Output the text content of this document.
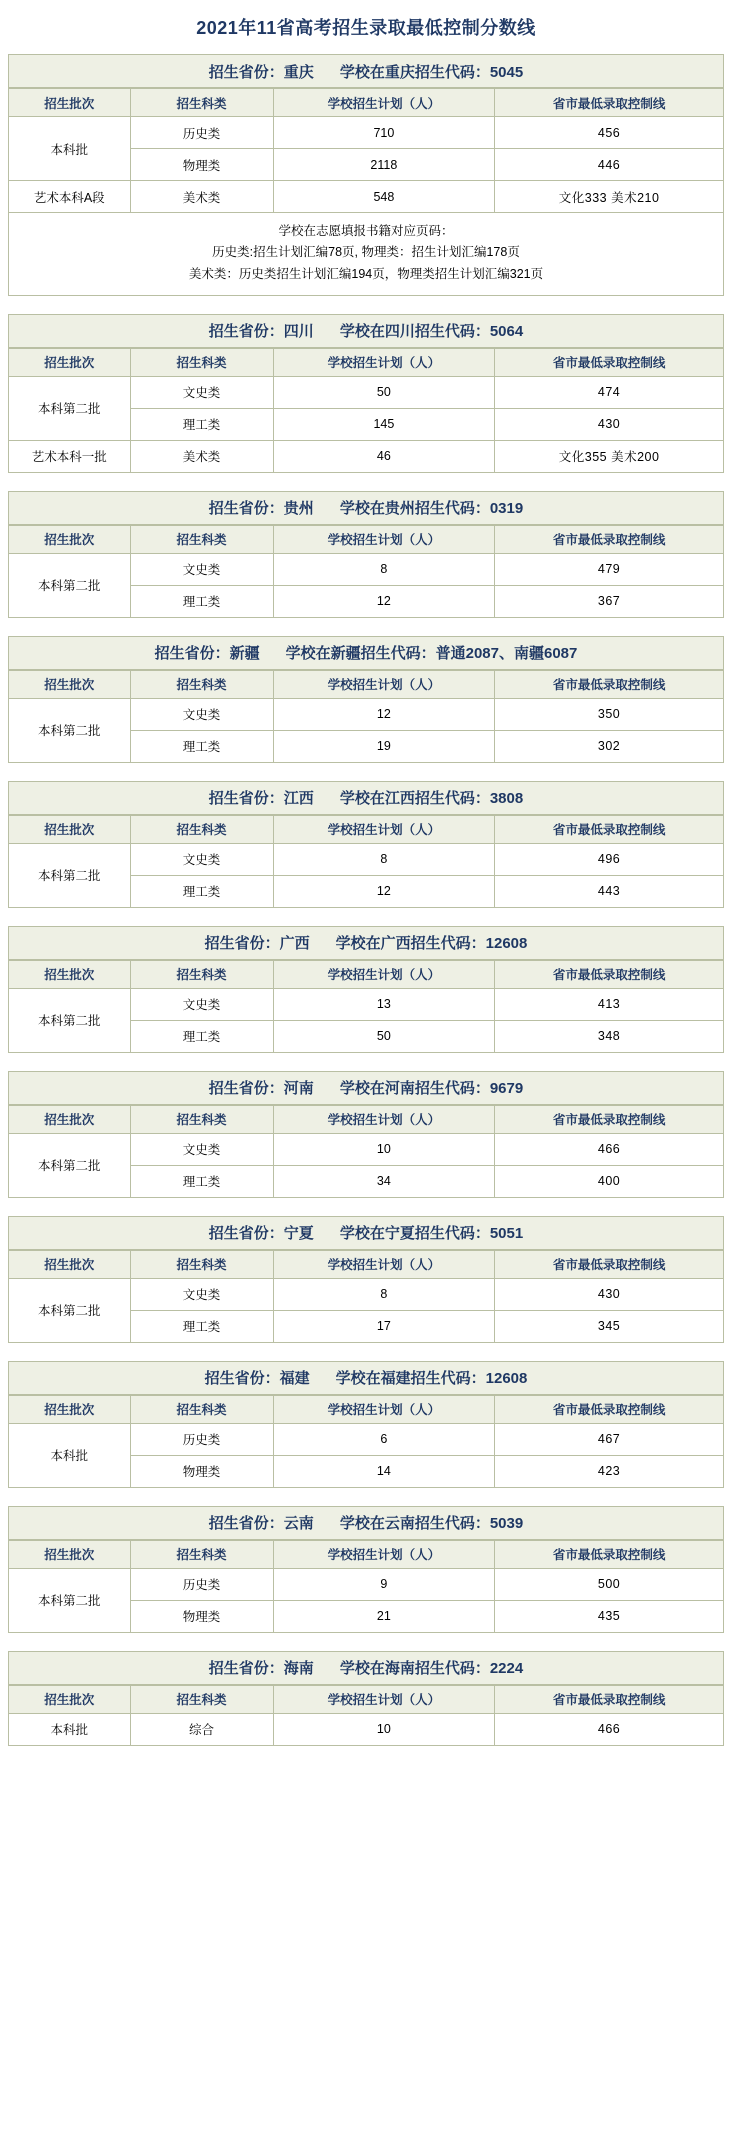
2021年11省高考招生录取最低控制分数线
招生省份：重庆	学校在重庆招生代码：5045
招生批次	招生科类	学校招生计划（人）	省市最低录取控制线
本科批	历史类	710	456
	物理类	2118	446
艺术本科A段	美术类	548	文化333 美术210
学校在志愿填报书籍对应页码：
历史类:招生计划汇编78页, 物理类：招生计划汇编178页
美术类：历史类招生计划汇编194页，物理类招生计划汇编321页
招生省份：四川	学校在四川招生代码：5064
招生批次	招生科类	学校招生计划（人）	省市最低录取控制线
本科第二批	文史类	50	474
	理工类	145	430
艺术本科一批	美术类	46	文化355 美术200
招生省份：贵州	学校在贵州招生代码：0319
招生批次	招生科类	学校招生计划（人）	省市最低录取控制线
本科第二批	文史类	8	479
	理工类	12	367
招生省份：新疆	学校在新疆招生代码：普通2087、南疆6087
招生批次	招生科类	学校招生计划（人）	省市最低录取控制线
本科第二批	文史类	12	350
	理工类	19	302
招生省份：江西	学校在江西招生代码：3808
招生批次	招生科类	学校招生计划（人）	省市最低录取控制线
本科第二批	文史类	8	496
	理工类	12	443
招生省份：广西	学校在广西招生代码：12608
招生批次	招生科类	学校招生计划（人）	省市最低录取控制线
本科第二批	文史类	13	413
	理工类	50	348
招生省份：河南	学校在河南招生代码：9679
招生批次	招生科类	学校招生计划（人）	省市最低录取控制线
本科第二批	文史类	10	466
	理工类	34	400
招生省份：宁夏	学校在宁夏招生代码：5051
招生批次	招生科类	学校招生计划（人）	省市最低录取控制线
本科第二批	文史类	8	430
	理工类	17	345
招生省份：福建	学校在福建招生代码：12608
招生批次	招生科类	学校招生计划（人）	省市最低录取控制线
本科批	历史类	6	467
	物理类	14	423
招生省份：云南	学校在云南招生代码：5039
招生批次	招生科类	学校招生计划（人）	省市最低录取控制线
本科第二批	历史类	9	500
	物理类	21	435
招生省份：海南	学校在海南招生代码：2224
招生批次	招生科类	学校招生计划（人）	省市最低录取控制线
本科批	综合	10	466
